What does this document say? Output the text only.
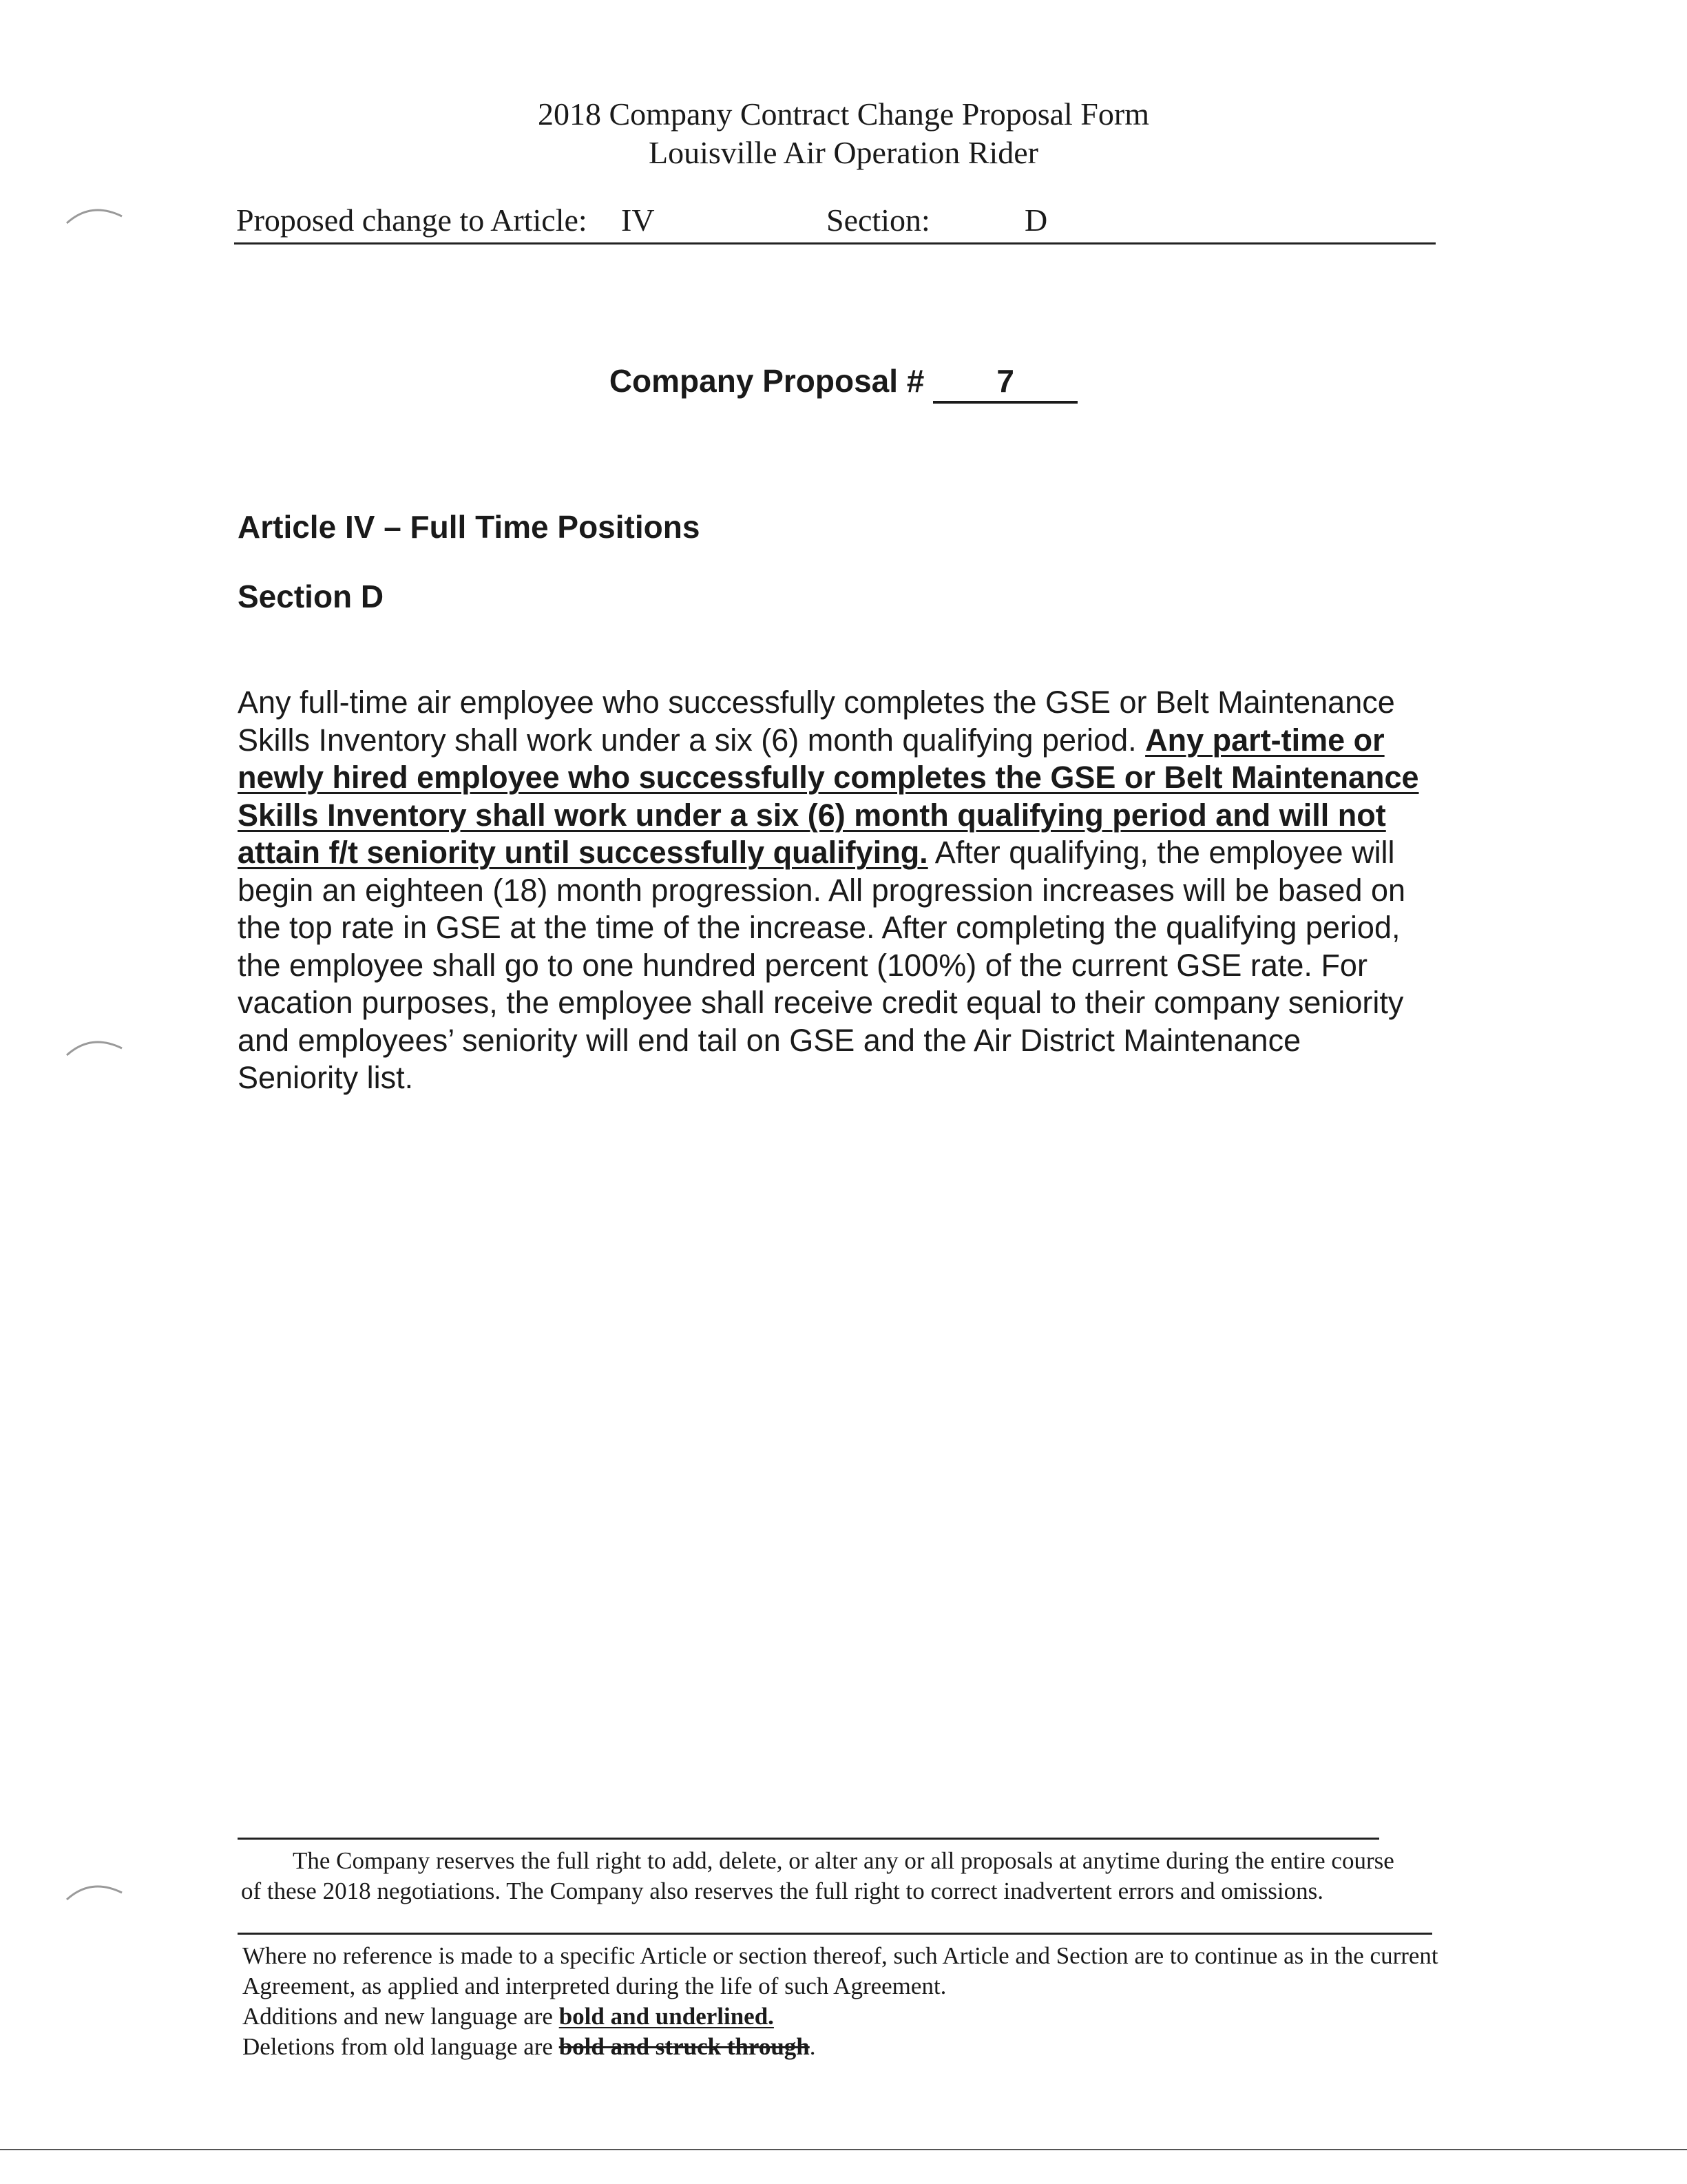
2018 Company Contract Change Proposal Form
Louisville Air Operation Rider
Proposed change to Article: IV	Section:	D
Company Proposal # 7
Article IV – Full Time Positions
Section D

Any full-time air employee who successfully completes the GSE or Belt Maintenance Skills Inventory shall work under a six (6) month qualifying period. Any part-time or newly hired employee who successfully completes the GSE or Belt Maintenance Skills Inventory shall work under a six (6) month qualifying period and will not attain f/t seniority until successfully qualifying. After qualifying, the employee will begin an eighteen (18) month progression. All progression increases will be based on the top rate in GSE at the time of the increase. After completing the qualifying period, the employee shall go to one hundred percent (100%) of the current GSE rate. For vacation purposes, the employee shall receive credit equal to their company seniority and employees’ seniority will end tail on GSE and the Air District Maintenance Seniority list.

The Company reserves the full right to add, delete, or alter any or all proposals at anytime during the entire course of these 2018 negotiations. The Company also reserves the full right to correct inadvertent errors and omissions.

Where no reference is made to a specific Article or section thereof, such Article and Section are to continue as in the current Agreement, as applied and interpreted during the life of such Agreement.

Additions and new language are bold and underlined.

Deletions from old language are bold and struck through.
